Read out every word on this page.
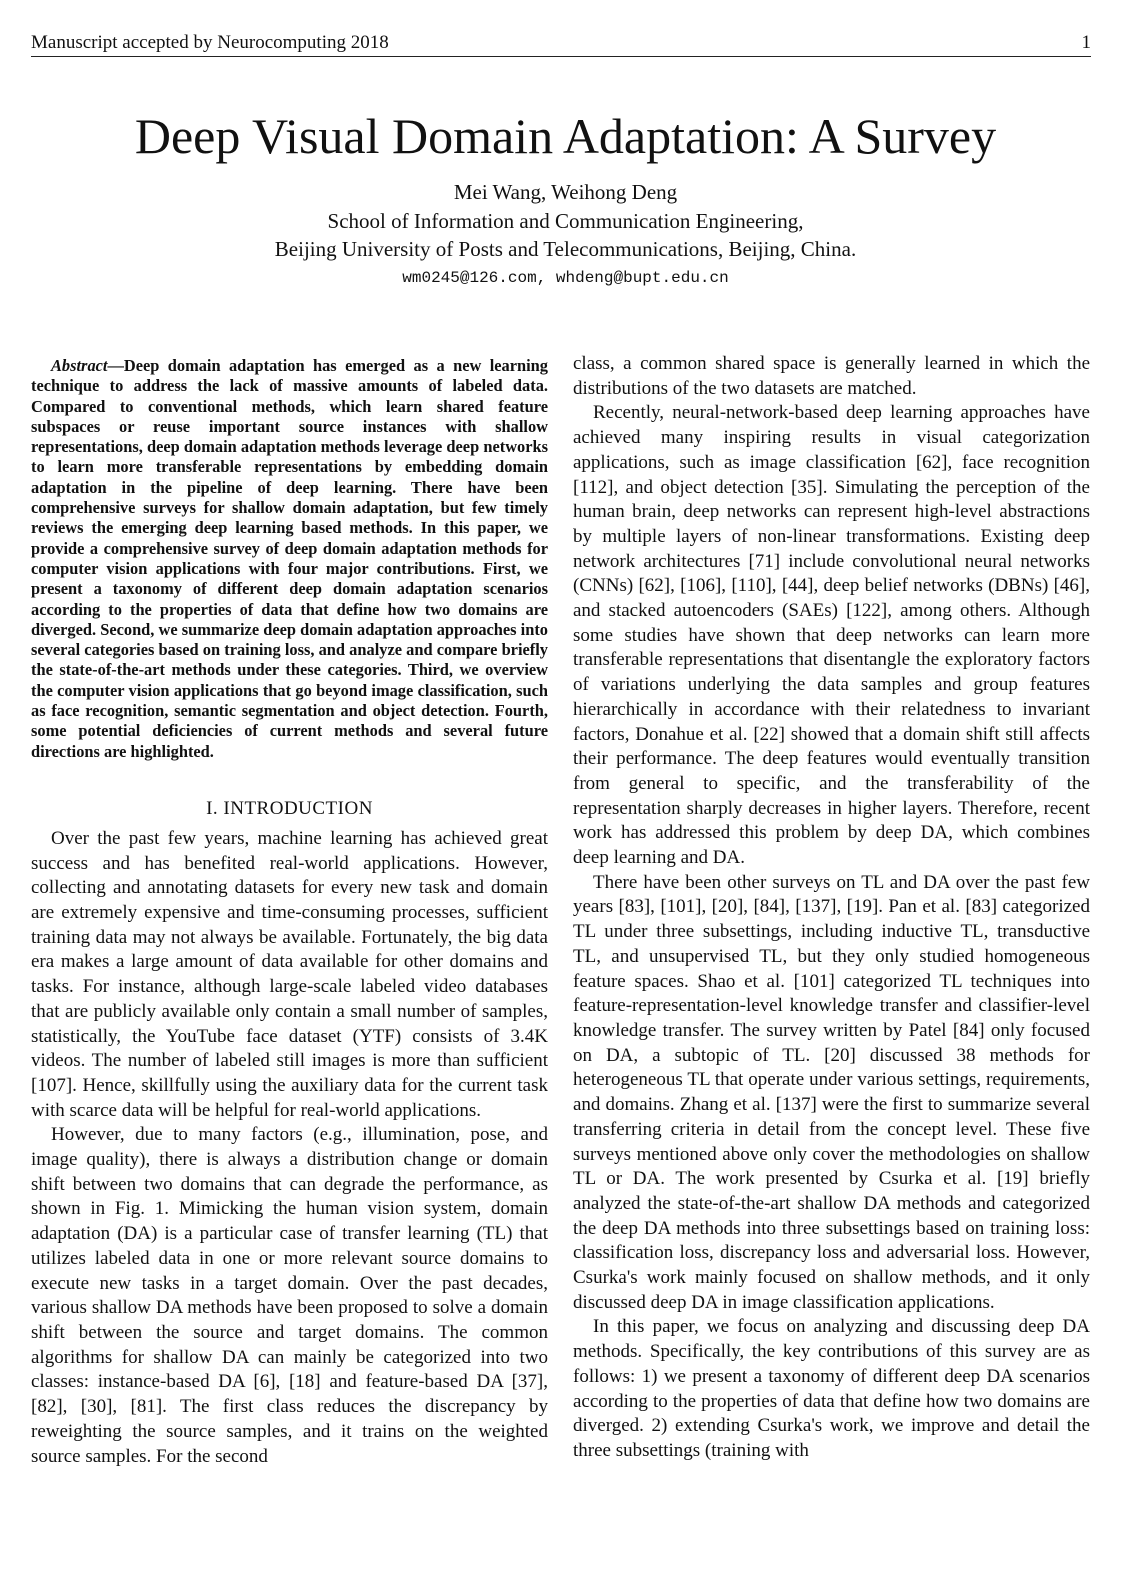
Manuscript accepted by Neurocomputing 2018	1
Deep Visual Domain Adaptation: A Survey
Mei Wang, Weihong Deng
School of Information and Communication Engineering,
Beijing University of Posts and Telecommunications, Beijing, China.
wm0245@126.com, whdeng@bupt.edu.cn

Abstract—Deep domain adaptation has emerged as a new learning technique to address the lack of massive amounts of labeled data. Compared to conventional methods, which learn shared feature subspaces or reuse important source instances with shallow representations, deep domain adaptation methods leverage deep networks to learn more transferable representations by embedding domain adaptation in the pipeline of deep learning. There have been comprehensive surveys for shallow domain adaptation, but few timely reviews the emerging deep learning based methods. In this paper, we provide a comprehensive survey of deep domain adaptation methods for computer vision applications with four major contributions. First, we present a taxonomy of different deep domain adaptation scenarios according to the properties of data that define how two domains are diverged. Second, we summarize deep domain adaptation approaches into several categories based on training loss, and analyze and compare briefly the state-of-the-art methods under these categories. Third, we overview the computer vision applications that go beyond image classification, such as face recognition, semantic segmentation and object detection. Fourth, some potential deficiencies of current methods and several future directions are highlighted.

I. INTRODUCTION

Over the past few years, machine learning has achieved great success and has benefited real-world applications. However, collecting and annotating datasets for every new task and domain are extremely expensive and time-consuming processes, sufficient training data may not always be available. Fortunately, the big data era makes a large amount of data available for other domains and tasks. For instance, although large-scale labeled video databases that are publicly available only contain a small number of samples, statistically, the YouTube face dataset (YTF) consists of 3.4K videos. The number of labeled still images is more than sufficient [107]. Hence, skillfully using the auxiliary data for the current task with scarce data will be helpful for real-world applications.

However, due to many factors (e.g., illumination, pose, and image quality), there is always a distribution change or domain shift between two domains that can degrade the performance, as shown in Fig. 1. Mimicking the human vision system, domain adaptation (DA) is a particular case of transfer learning (TL) that utilizes labeled data in one or more relevant source domains to execute new tasks in a target domain. Over the past decades, various shallow DA methods have been proposed to solve a domain shift between the source and target domains. The common algorithms for shallow DA can mainly be categorized into two classes: instance-based DA [6], [18] and feature-based DA [37], [82], [30], [81]. The first class reduces the discrepancy by reweighting the source samples, and it trains on the weighted source samples. For the second

class, a common shared space is generally learned in which the distributions of the two datasets are matched.

Recently, neural-network-based deep learning approaches have achieved many inspiring results in visual categorization applications, such as image classification [62], face recognition [112], and object detection [35]. Simulating the perception of the human brain, deep networks can represent high-level abstractions by multiple layers of non-linear transformations. Existing deep network architectures [71] include convolutional neural networks (CNNs) [62], [106], [110], [44], deep belief networks (DBNs) [46], and stacked autoencoders (SAEs) [122], among others. Although some studies have shown that deep networks can learn more transferable representations that disentangle the exploratory factors of variations underlying the data samples and group features hierarchically in accordance with their relatedness to invariant factors, Donahue et al. [22] showed that a domain shift still affects their performance. The deep features would eventually transition from general to specific, and the transferability of the representation sharply decreases in higher layers. Therefore, recent work has addressed this problem by deep DA, which combines deep learning and DA.

There have been other surveys on TL and DA over the past few years [83], [101], [20], [84], [137], [19]. Pan et al. [83] categorized TL under three subsettings, including inductive TL, transductive TL, and unsupervised TL, but they only studied homogeneous feature spaces. Shao et al. [101] categorized TL techniques into feature-representation-level knowledge transfer and classifier-level knowledge transfer. The survey written by Patel [84] only focused on DA, a subtopic of TL. [20] discussed 38 methods for heterogeneous TL that operate under various settings, requirements, and domains. Zhang et al. [137] were the first to summarize several transferring criteria in detail from the concept level. These five surveys mentioned above only cover the methodologies on shallow TL or DA. The work presented by Csurka et al. [19] briefly analyzed the state-of-the-art shallow DA methods and categorized the deep DA methods into three subsettings based on training loss: classification loss, discrepancy loss and adversarial loss. However, Csurka's work mainly focused on shallow methods, and it only discussed deep DA in image classification applications.

In this paper, we focus on analyzing and discussing deep DA methods. Specifically, the key contributions of this survey are as follows: 1) we present a taxonomy of different deep DA scenarios according to the properties of data that define how two domains are diverged. 2) extending Csurka's work, we improve and detail the three subsettings (training with
